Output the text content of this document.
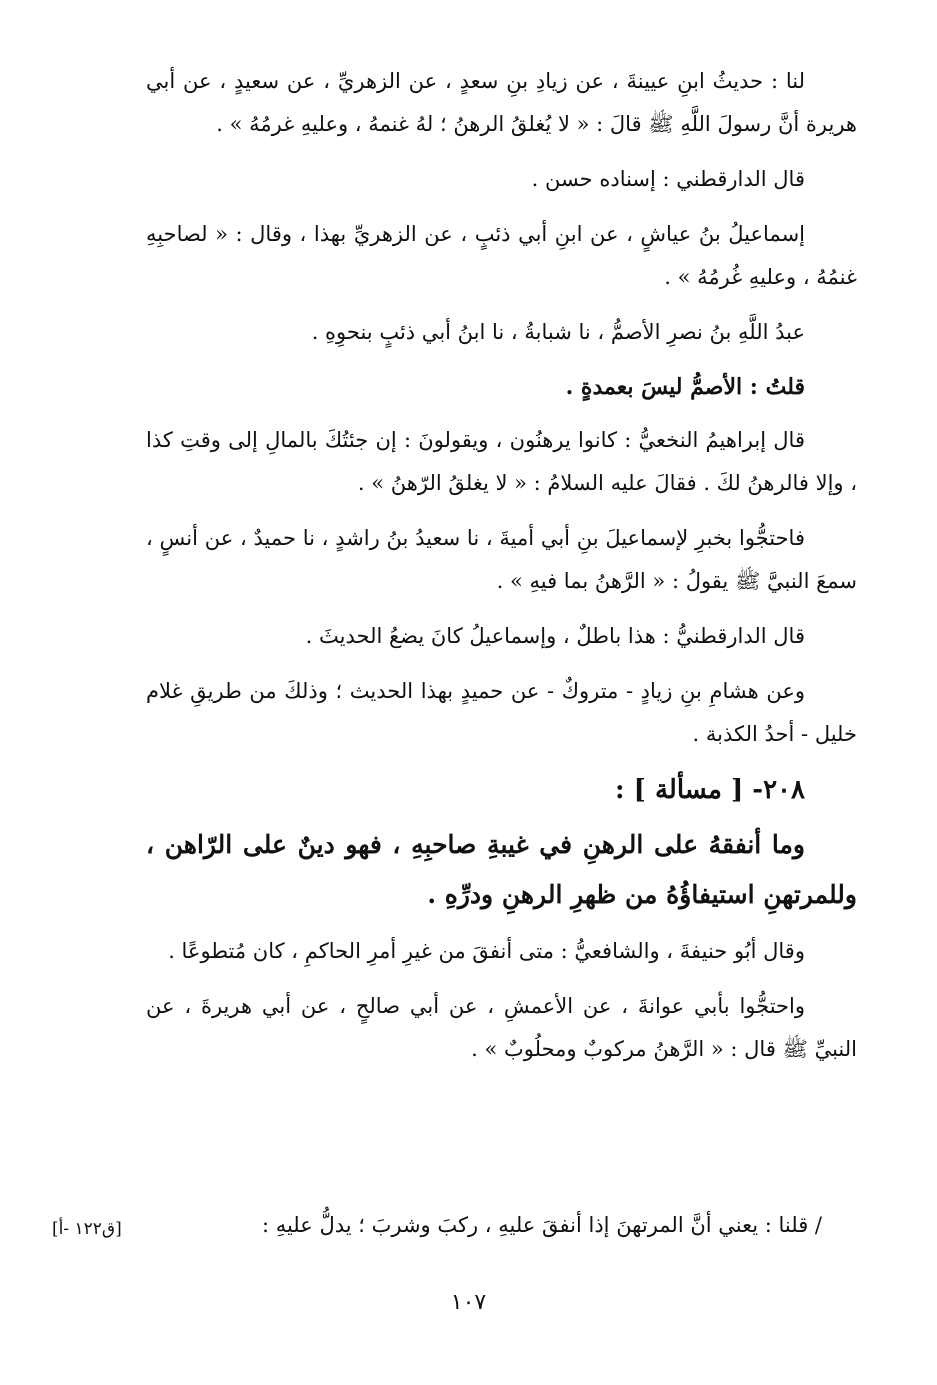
لنا : حديثُ ابنِ عيينةَ ، عن زيادِ بنِ سعدٍ ، عن الزهريِّ ، عن سعيدٍ ، عن أبي هريرة أنَّ رسولَ اللَّهِ ﷺ قالَ : « لا يُغلقُ الرهنُ ؛ لهُ غنمهُ ، وعليهِ غرمُهُ » .

قال الدارقطني : إسناده حسن .

إسماعيلُ بنُ عياشٍ ، عن ابنِ أبي ذئبٍ ، عن الزهريِّ بهذا ، وقال : « لصاحبِهِ غنمُهُ ، وعليهِ غُرمُهُ » .

عبدُ اللَّهِ بنُ نصرِ الأصمُّ ، نا شبابةُ ، نا ابنُ أبي ذئبٍ بنحوِهِ .

قلتُ : الأصمُّ ليسَ بعمدةٍ .

قال إبراهيمُ النخعيُّ : كانوا يرهنُون ، ويقولونَ : إن جئتُكَ بالمالِ إلى وقتِ كذا ، وإلا فالرهنُ لكَ . فقالَ عليه السلامُ : « لا يغلقُ الرّهنُ » .

فاحتجُّوا بخبرِ لإسماعيلَ بنِ أبي أميةَ ، نا سعيدُ بنُ راشدٍ ، نا حميدٌ ، عن أنسٍ ، سمعَ النبيَّ ﷺ يقولُ : « الرَّهنُ بما فيهِ » .

قال الدارقطنيُّ : هذا باطلٌ ، وإسماعيلُ كانَ يضعُ الحديثَ .

وعن هشامِ بنِ زيادٍ - متروكٌ - عن حميدٍ بهذا الحديث ؛ وذلكَ من طريقِ غلام خليل - أحدُ الكذبة .

٢٠٨- [ مسألة ] :

وما أنفقهُ على الرهنِ في غيبةِ صاحبِهِ ، فهو دينٌ على الرّاهن ، وللمرتهنِ استيفاؤُهُ من ظهرِ الرهنِ ودرِّهِ .

وقال أبُو حنيفةَ ، والشافعيُّ : متى أنفقَ من غيرِ أمرِ الحاكمِ ، كان مُتطوعًا .

واحتجُّوا بأبي عوانةَ ، عن الأعمشِ ، عن أبي صالحٍ ، عن أبي هريرةَ ، عن النبيِّ ﷺ قال : « الرَّهنُ مركوبٌ ومحلُوبٌ » .

/ قلنا : يعني أنَّ المرتهنَ إذا أنفقَ عليهِ ، ركبَ وشربَ ؛ يدلُّ عليهِ :
[ق١٢٢ -أ]
١٠٧
